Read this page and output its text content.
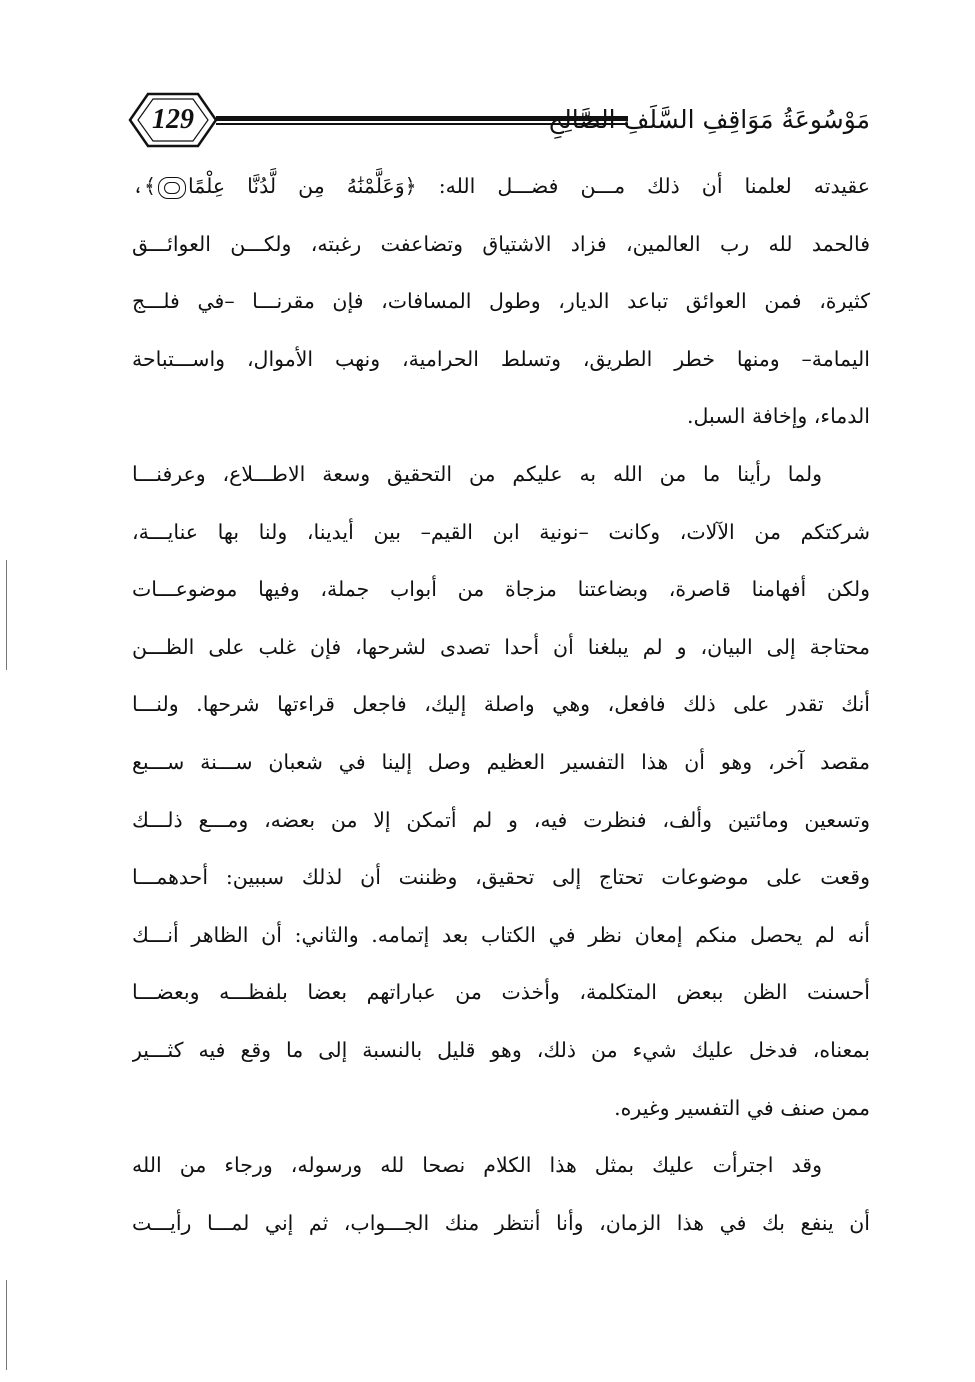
129	مَوْسُوعَةُ مَوَاقِفِ السَّلَفِ الصَّالِحِ
عقيدته لعلمنا أن ذلك مـــن فضـــل الله: ﴿وَعَلَّمْنَٰهُ مِن لَّدُنَّا عِلْمًا﴾،
فالحمد لله رب العالمين، فزاد الاشتياق وتضاعفت رغبته، ولكـــن العوائـــق
كثيرة، فمن العوائق تباعد الديار، وطول المسافات، فإن مقرنـــا –في فلـــج
اليمامة– ومنها خطر الطريق، وتسلط الحرامية، ونهب الأموال، واســـتباحة
الدماء، وإخافة السبل.
ولما رأينا ما من الله به عليكم من التحقيق وسعة الاطـــلاع، وعرفنـــا
شركتكم من الآلات، وكانت –نونية ابن القيم– بين أيدينا، ولنا بها عنايـــة،
ولكن أفهامنا قاصرة، وبضاعتنا مزجاة من أبواب جملة، وفيها موضوعـــات
محتاجة إلى البيان، و لم يبلغنا أن أحدا تصدى لشرحها، فإن غلب على الظـــن
أنك تقدر على ذلك فافعل، وهي واصلة إليك، فاجعل قراءتها شرحها. ولنـــا
مقصد آخر، وهو أن هذا التفسير العظيم وصل إلينا في شعبان ســـنة ســـبع
وتسعين ومائتين وألف، فنظرت فيه، و لم أتمكن إلا من بعضه، ومـــع ذلـــك
وقعت على موضوعات تحتاج إلى تحقيق، وظننت أن لذلك سببين: أحدهمـــا
أنه لم يحصل منكم إمعان نظر في الكتاب بعد إتمامه. والثاني: أن الظاهر أنـــك
أحسنت الظن ببعض المتكلمة، وأخذت من عباراتهم بعضا بلفظـــه وبعضـــا
بمعناه، فدخل عليك شيء من ذلك، وهو قليل بالنسبة إلى ما وقع فيه كثـــير
ممن صنف في التفسير وغيره.
وقد اجترأت عليك بمثل هذا الكلام نصحا لله ورسوله، ورجاء من الله
أن ينفع بك في هذا الزمان، وأنا أنتظر منك الجـــواب، ثم إني لمـــا رأيـــت
